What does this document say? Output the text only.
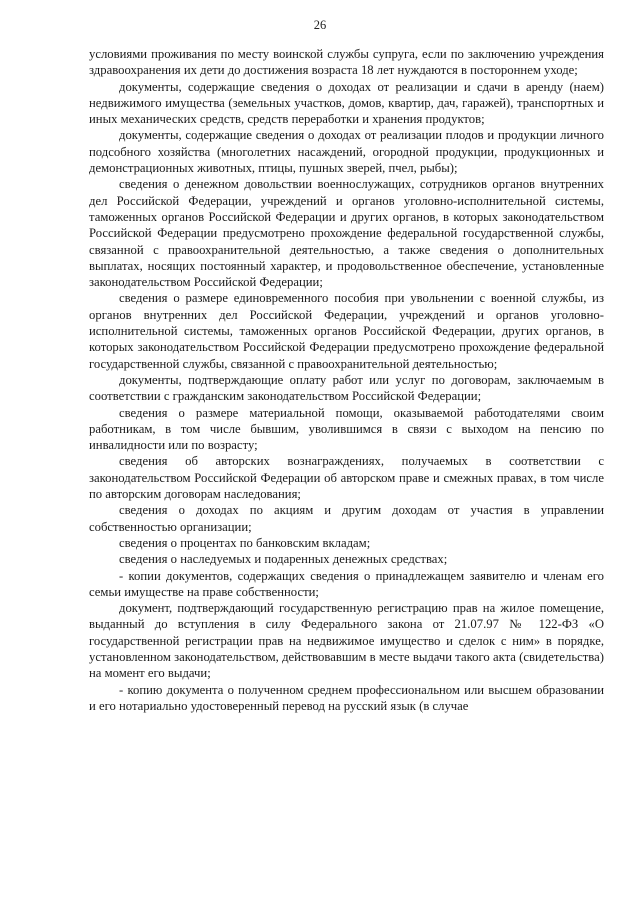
26

условиями проживания по месту воинской службы супруга, если по заключению учреждения здравоохранения их дети до достижения возраста 18 лет нуждаются в постороннем уходе;

документы, содержащие сведения о доходах от реализации и сдачи в аренду (наем) недвижимого имущества (земельных участков, домов, квартир, дач, гаражей), транспортных и иных механических средств, средств переработки и хранения продуктов;

документы, содержащие сведения о доходах от реализации плодов и продукции личного подсобного хозяйства (многолетних насаждений, огородной продукции, продукционных и демонстрационных животных, птицы, пушных зверей, пчел, рыбы);

сведения о денежном довольствии военнослужащих, сотрудников органов внутренних дел Российской Федерации, учреждений и органов уголовно-исполнительной системы, таможенных органов Российской Федерации и других органов, в которых законодательством Российской Федерации предусмотрено прохождение федеральной государственной службы, связанной с правоохранительной деятельностью, а также сведения о дополнительных выплатах, носящих постоянный характер, и продовольственное обеспечение, установленные законодательством Российской Федерации;

сведения о размере единовременного пособия при увольнении с военной службы, из органов внутренних дел Российской Федерации, учреждений и органов уголовно-исполнительной системы, таможенных органов Российской Федерации, других органов, в которых законодательством Российской Федерации предусмотрено прохождение федеральной государственной службы, связанной с правоохранительной деятельностью;

документы, подтверждающие оплату работ или услуг по договорам, заключаемым в соответствии с гражданским законодательством Российской Федерации;

сведения о размере материальной помощи, оказываемой работодателями своим работникам, в том числе бывшим, уволившимся в связи с выходом на пенсию по инвалидности или по возрасту;

сведения об авторских вознаграждениях, получаемых в соответствии с законодательством Российской Федерации об авторском праве и смежных правах, в том числе по авторским договорам наследования;

сведения о доходах по акциям и другим доходам от участия в управлении собственностью организации;

сведения о процентах по банковским вкладам;

сведения о наследуемых и подаренных денежных средствах;

- копии документов, содержащих сведения о принадлежащем заявителю и членам его семьи имуществе на праве собственности;

документ, подтверждающий государственную регистрацию прав на жилое помещение, выданный до вступления в силу Федерального закона от 21.07.97 № 122-ФЗ «О государственной регистрации прав на недвижимое имущество и сделок с ним» в порядке, установленном законодательством, действовавшим в месте выдачи такого акта (свидетельства) на момент его выдачи;

- копию документа о полученном среднем профессиональном или высшем образовании и его нотариально удостоверенный перевод на русский язык (в случае
